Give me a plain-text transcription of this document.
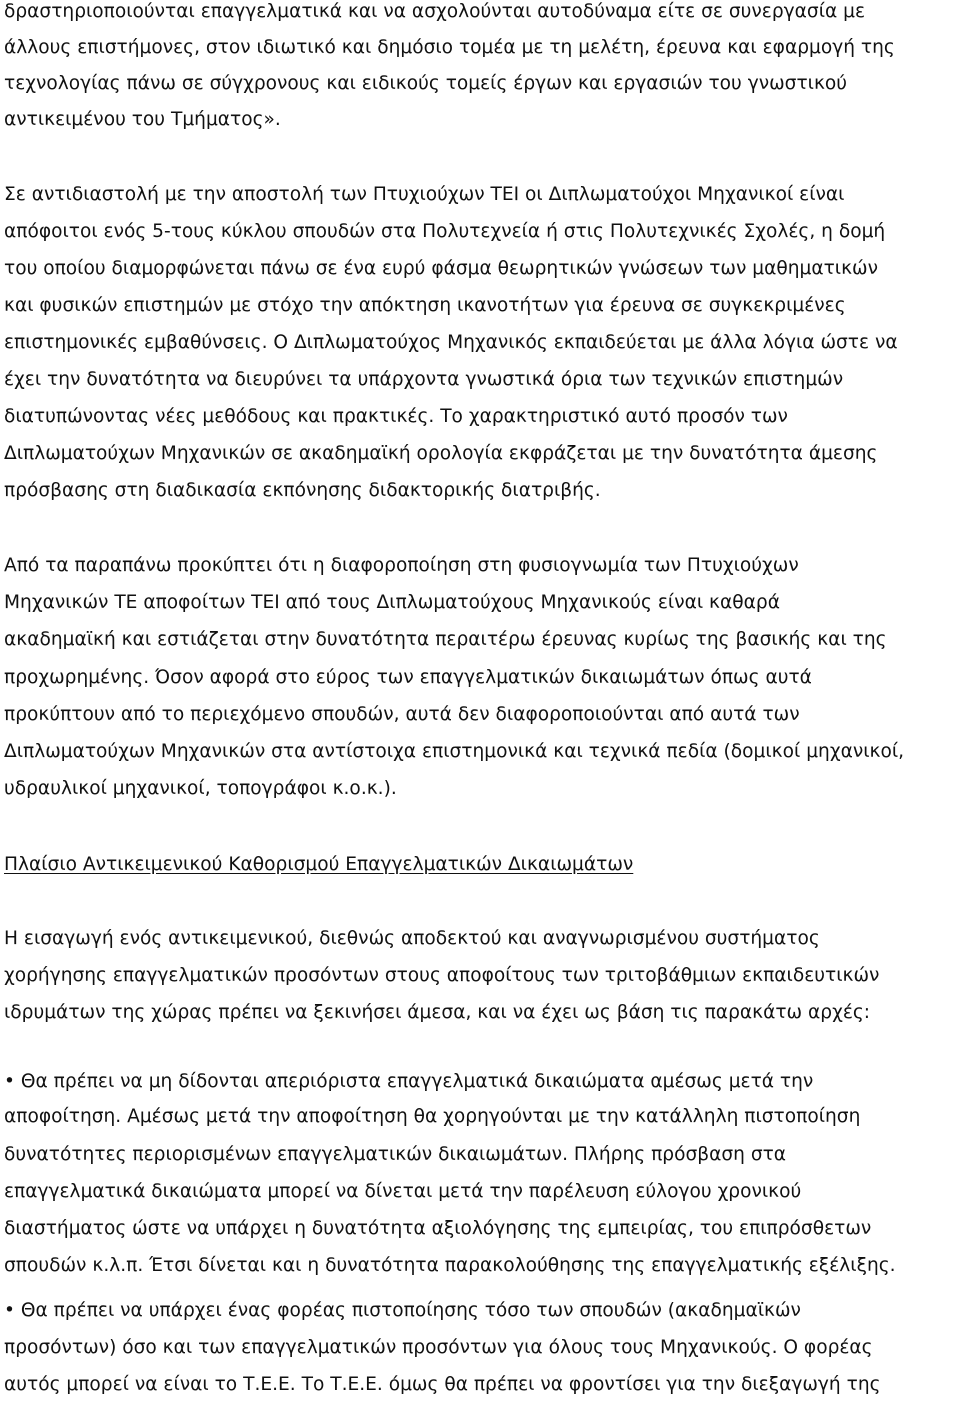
δραστηριοποιούνται επαγγελματικά και να ασχολούνται αυτοδύναμα είτε σε συνεργασία με
άλλους επιστήμονες, στον ιδιωτικό και δημόσιο τομέα με τη μελέτη, έρευνα και εφαρμογή της
τεχνολογίας πάνω σε σύγχρονους και ειδικούς τομείς έργων και εργασιών του γνωστικού
αντικειμένου του Τμήματος».
Σε αντιδιαστολή με την αποστολή των Πτυχιούχων ΤΕΙ οι Διπλωματούχοι Μηχανικοί είναι
απόφοιτοι ενός 5-τους κύκλου σπουδών στα Πολυτεχνεία ή στις Πολυτεχνικές Σχολές, η δομή
του οποίου διαμορφώνεται πάνω σε ένα ευρύ φάσμα θεωρητικών γνώσεων των μαθηματικών
και φυσικών επιστημών με στόχο την απόκτηση ικανοτήτων για έρευνα σε συγκεκριμένες
επιστημονικές εμβαθύνσεις. Ο Διπλωματούχος Μηχανικός εκπαιδεύεται με άλλα λόγια ώστε να
έχει την δυνατότητα να διευρύνει τα υπάρχοντα γνωστικά όρια των τεχνικών επιστημών
διατυπώνοντας νέες μεθόδους και πρακτικές. Το χαρακτηριστικό αυτό προσόν των
Διπλωματούχων Μηχανικών σε ακαδημαϊκή ορολογία εκφράζεται με την δυνατότητα άμεσης
πρόσβασης στη διαδικασία εκπόνησης διδακτορικής διατριβής.
Από τα παραπάνω προκύπτει ότι η διαφοροποίηση στη φυσιογνωμία των Πτυχιούχων
Μηχανικών ΤΕ αποφοίτων ΤΕΙ από τους Διπλωματούχους Μηχανικούς είναι καθαρά
ακαδημαϊκή και εστιάζεται στην δυνατότητα περαιτέρω έρευνας κυρίως της βασικής και της
προχωρημένης. Όσον αφορά στο εύρος των επαγγελματικών δικαιωμάτων όπως αυτά
προκύπτουν από το περιεχόμενο σπουδών, αυτά δεν διαφοροποιούνται από αυτά των
Διπλωματούχων Μηχανικών στα αντίστοιχα επιστημονικά και τεχνικά πεδία (δομικοί μηχανικοί,
υδραυλικοί μηχανικοί, τοπογράφοι κ.ο.κ.).
Πλαίσιο Αντικειμενικού Καθορισμού Επαγγελματικών Δικαιωμάτων
Η εισαγωγή ενός αντικειμενικού, διεθνώς αποδεκτού και αναγνωρισμένου συστήματος
χορήγησης επαγγελματικών προσόντων στους αποφοίτους των τριτοβάθμιων εκπαιδευτικών
ιδρυμάτων της χώρας πρέπει να ξεκινήσει άμεσα, και να έχει ως βάση τις παρακάτω αρχές:
• Θα πρέπει να μη δίδονται απεριόριστα επαγγελματικά δικαιώματα αμέσως μετά την
αποφοίτηση. Αμέσως μετά την αποφοίτηση θα χορηγούνται με την κατάλληλη πιστοποίηση
δυνατότητες περιορισμένων επαγγελματικών δικαιωμάτων. Πλήρης πρόσβαση στα
επαγγελματικά δικαιώματα μπορεί να δίνεται μετά την παρέλευση εύλογου χρονικού
διαστήματος ώστε να υπάρχει η δυνατότητα αξιολόγησης της εμπειρίας, του επιπρόσθετων
σπουδών κ.λ.π. Έτσι δίνεται και η δυνατότητα παρακολούθησης της επαγγελματικής εξέλιξης.
• Θα πρέπει να υπάρχει ένας φορέας πιστοποίησης τόσο των σπουδών (ακαδημαϊκών
προσόντων) όσο και των επαγγελματικών προσόντων για όλους τους Μηχανικούς. Ο φορέας
αυτός μπορεί να είναι το Τ.Ε.Ε. Το Τ.Ε.Ε. όμως θα πρέπει να φροντίσει για την διεξαγωγή της
